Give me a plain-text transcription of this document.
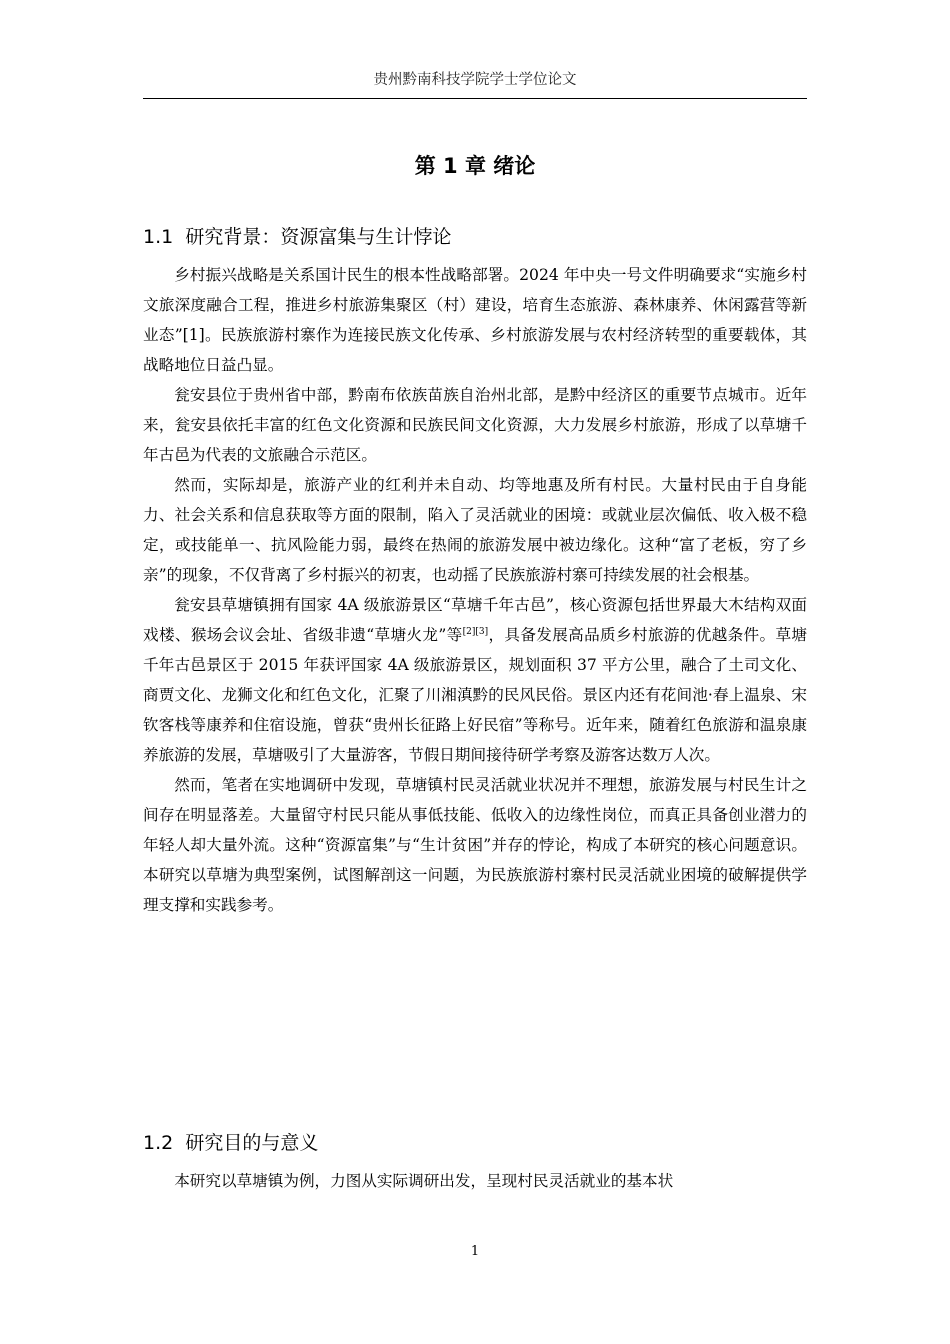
贵州黔南科技学院学士学位论文
第 1 章 绪论
1.1 研究背景：资源富集与生计悖论

乡村振兴战略是关系国计民生的根本性战略部署。2024 年中央一号文件明确要求“实施乡村文旅深度融合工程，推进乡村旅游集聚区（村）建设，培育生态旅游、森林康养、休闲露营等新业态”[1]。民族旅游村寨作为连接民族文化传承、乡村旅游发展与农村经济转型的重要载体，其战略地位日益凸显。

瓮安县位于贵州省中部，黔南布依族苗族自治州北部，是黔中经济区的重要节点城市。近年来，瓮安县依托丰富的红色文化资源和民族民间文化资源，大力发展乡村旅游，形成了以草塘千年古邑为代表的文旅融合示范区。

然而，实际却是，旅游产业的红利并未自动、均等地惠及所有村民。大量村民由于自身能力、社会关系和信息获取等方面的限制，陷入了灵活就业的困境：或就业层次偏低、收入极不稳定，或技能单一、抗风险能力弱，最终在热闹的旅游发展中被边缘化。这种“富了老板，穷了乡亲”的现象，不仅背离了乡村振兴的初衷，也动摇了民族旅游村寨可持续发展的社会根基。

瓮安县草塘镇拥有国家 4A 级旅游景区“草塘千年古邑”，核心资源包括世界最大木结构双面戏楼、猴场会议会址、省级非遗“草塘火龙”等[2][3]，具备发展高品质乡村旅游的优越条件。草塘千年古邑景区于 2015 年获评国家 4A 级旅游景区，规划面积 37 平方公里，融合了土司文化、商贾文化、龙狮文化和红色文化，汇聚了川湘滇黔的民风民俗。景区内还有花间池·春上温泉、宋钦客栈等康养和住宿设施，曾获“贵州长征路上好民宿”等称号。近年来，随着红色旅游和温泉康养旅游的发展，草塘吸引了大量游客，节假日期间接待研学考察及游客达数万人次。

然而，笔者在实地调研中发现，草塘镇村民灵活就业状况并不理想，旅游发展与村民生计之间存在明显落差。大量留守村民只能从事低技能、低收入的边缘性岗位，而真正具备创业潜力的年轻人却大量外流。这种“资源富集”与“生计贫困”并存的悖论，构成了本研究的核心问题意识。本研究以草塘为典型案例，试图解剖这一问题，为民族旅游村寨村民灵活就业困境的破解提供学理支撑和实践参考。

1.2 研究目的与意义

本研究以草塘镇为例，力图从实际调研出发，呈现村民灵活就业的基本状

1
